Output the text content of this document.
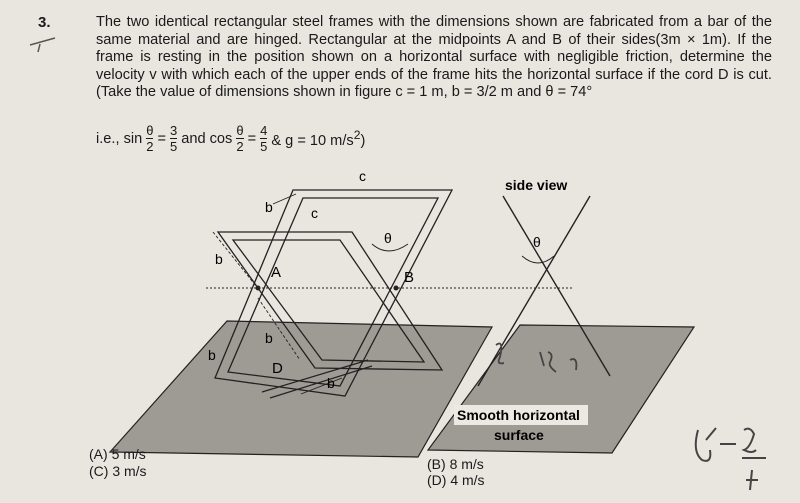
3.	The two identical rectangular steel frames with the dimensions shown are fabricated from a bar of the same material and are hinged. Rectangular at the midpoints A and B of their sides(3m × 1m). If the frame is resting in the position shown on a horizontal surface with negligible friction, determine the velocity v with which each of the upper ends of the frame hits the horizontal surface if the cord D is cut. (Take the value of dimensions shown in figure c = 1 m, b = 3/2 m and θ = 74°
i.e., $\sin \frac{\theta}{2} = \frac{3}{5}$ and $\cos \frac{\theta}{2} = \frac{4}{5}$ & g = 10 $m/s^2$)
c
b	c
b
A	B
θ
b
b
D
b
side view
θ
Smooth horizontal
surface
(A) 5 m/s
(B) 8 m/s
(C) 3 m/s
(D) 4 m/s
